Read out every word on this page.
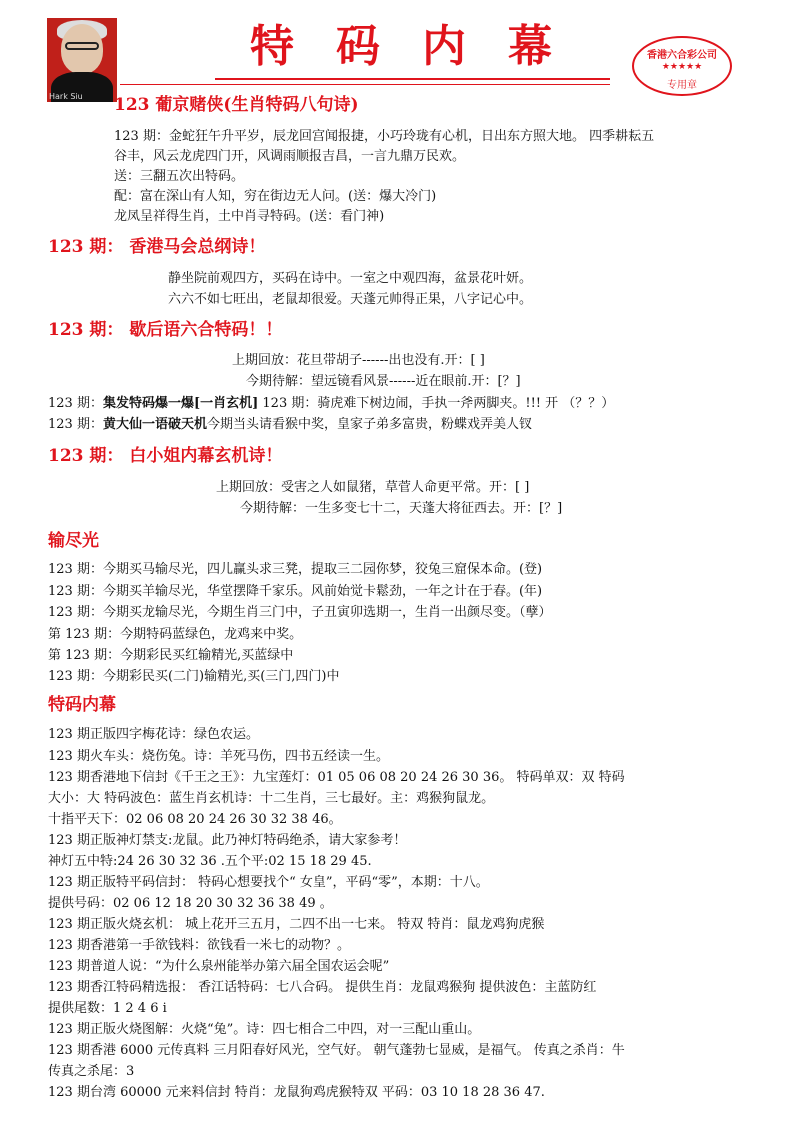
Hark Siu
特码内幕	香港六合彩公司
★★★★★
专用章
123 葡京赌侠(生肖特码八句诗)
123 期：金蛇狂午升平岁，辰龙回宫闻报捷，小巧玲珑有心机，日出东方照大地。 四季耕耘五
谷丰，风云龙虎四门开，风调雨顺报吉昌，一言九鼎万民欢。
送：三翻五次出特码。
配：富在深山有人知，穷在街边无人问。(送：爆大冷门)
龙凤呈祥得生肖，土中肖寻特码。(送：看门神)
123 期： 香港马会总纲诗！
静坐院前观四方，买码在诗中。一室之中观四海，盆景花叶妍。
六六不如七旺出，老鼠却很爱。天蓬元帅得正果，八字记心中。
123 期： 歇后语六合特码！！
上期回放：花旦带胡子------出也没有.开：[ ]
今期待解：望远镜看风景------近在眼前.开：[？]
123 期：集发特码爆一爆[一肖玄机] 123 期：骑虎难下树边闹，手执一斧两脚夹。!!! 开 （？？）
123 期：黄大仙一语破天机今期当头请看猴中奖，皇家子弟多富贵，粉蝶戏弄美人钗
123 期： 白小姐内幕玄机诗！
上期回放：受害之人如鼠猪，草菅人命更平常。开：[ ]
今期待解：一生多变七十二，天蓬大将征西去。开：[？]
输尽光
123 期：今期买马输尽光，四儿赢头求三凳，提取三二园你梦，狡兔三窟保本命。(登)
123 期：今期买羊输尽光，华堂摆降千家乐。风前始觉卡鬆劲，一年之计在于春。(年)
123 期：今期买龙输尽光，今期生肖三门中，子丑寅卯选期一，生肖一出颜尽变。（孽）
第 123 期：今期特码蓝绿色，龙鸡来中奖。
第 123 期：今期彩民买红输精光,买蓝绿中
123 期：今期彩民买(二门)输精光,买(三门,四门)中
特码内幕
123 期正版四字梅花诗：绿色农运。
123 期火车头：烧伤兔。诗：羊死马伤，四书五经读一生。
123 期香港地下信封《千王之王》：九宝莲灯：01 05 06 08 20 24 26 30 36。 特码单双：双 特码
大小：大 特码波色：蓝生肖玄机诗：十二生肖，三七最好。主：鸡猴狗鼠龙。
十指平天下：02 06 08 20 24 26 30 32 38 46。
123 期正版神灯禁支:龙鼠。此乃神灯特码绝杀，请大家参考！
神灯五中特:24 26 30 32 36 .五个平:02 15 18 29 45.
123 期正版特平码信封： 特码心想要找个“ 女皇”，平码“零”，本期：十八。
提供号码：02 06 12 18 20 30 32 36 38 49 。
123 期正版火烧玄机： 城上花开三五月，二四不出一七来。 特双 特肖：鼠龙鸡狗虎猴
123 期香港第一手欲钱料：欲钱看一米七的动物？。
123 期普道人说：“为什么泉州能举办第六届全国农运会呢”
123 期香江特码精选报： 香江话特码：七八合码。 提供生肖：龙鼠鸡猴狗 提供波色：主蓝防红
提供尾数：1 2 4 6 ⅰ
123 期正版火烧图解：火烧“兔”。诗：四七相合二中四，对一三配山重山。
123 期香港 6000 元传真料 三月阳春好风光，空气好。 朝气蓬勃七显威，是福气。 传真之杀肖：牛
传真之杀尾：3
123 期台湾 60000 元来料信封 特肖：龙鼠狗鸡虎猴特双 平码：03 10 18 28 36 47.
